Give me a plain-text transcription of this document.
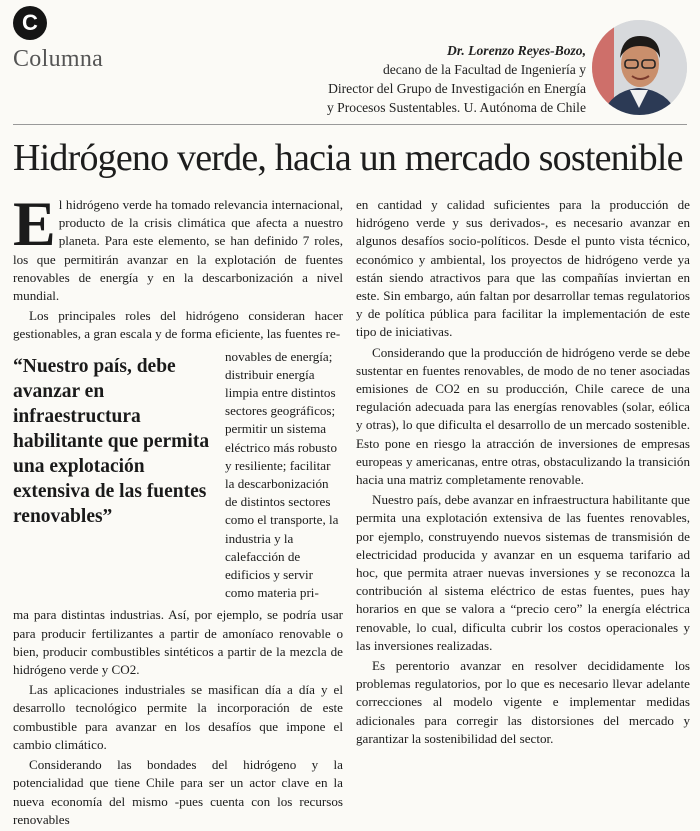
C
Columna	Dr. Lorenzo Reyes-Bozo,
decano de la Facultad de Ingeniería y
Director del Grupo de Investigación en Energía
y Procesos Sustentables. U. Autónoma de Chile
Hidrógeno verde, hacia un mercado sostenible

El hidrógeno verde ha tomado relevancia internacional, producto de la crisis climática que afecta a nuestro planeta. Para este elemento, se han definido 7 roles, los que permitirán avanzar en la explotación de fuentes renovables de energía y en la descarbonización a nivel mundial.

Los principales roles del hidrógeno consideran hacer gestionables, a gran escala y de forma eficiente, las fuentes re-

“Nuestro país, debe avanzar en infraestructura habilitante que permita una explotación extensiva de las fuentes renovables”
novables de energía; distribuir energía limpia entre distintos sectores geográficos; permitir un sistema eléctrico más robusto y resiliente; facilitar la descarbonización de distintos sectores como el transporte, la industria y la calefacción de edificios y servir como materia pri-

ma para distintas industrias. Así, por ejemplo, se podría usar para producir fertilizantes a partir de amoníaco renovable o bien, producir combustibles sintéticos a partir de la mezcla de hidrógeno verde y CO2.

Las aplicaciones industriales se masifican día a día y el desarrollo tecnológico permite la incorporación de este combustible para avanzar en los desafíos que impone el cambio climático.

Considerando las bondades del hidrógeno y la potencialidad que tiene Chile para ser un actor clave en la nueva economía del mismo -pues cuenta con los recursos renovables

en cantidad y calidad suficientes para la producción de hidrógeno verde y sus derivados-, es necesario avanzar en algunos desafíos socio-políticos. Desde el punto vista técnico, económico y ambiental, los proyectos de hidrógeno verde ya están siendo atractivos para que las compañías inviertan en este. Sin embargo, aún faltan por desarrollar temas regulatorios y de política pública para facilitar la implementación de este tipo de iniciativas.

Considerando que la producción de hidrógeno verde se debe sustentar en fuentes renovables, de modo de no tener asociadas emisiones de CO2 en su producción, Chile carece de una regulación adecuada para las energías renovables (solar, eólica y otras), lo que dificulta el desarrollo de un mercado sostenible. Esto pone en riesgo la atracción de inversiones de empresas europeas y americanas, entre otras, obstaculizando la transición hacia una matriz completamente renovable.

Nuestro país, debe avanzar en infraestructura habilitante que permita una explotación extensiva de las fuentes renovables, por ejemplo, construyendo nuevos sistemas de transmisión de electricidad producida y avanzar en un esquema tarifario ad hoc, que permita atraer nuevas inversiones y se reconozca la contribución al sistema eléctrico de estas fuentes, pues hay horarios en que se valora a “precio cero” la energía eléctrica renovable, lo cual, dificulta cubrir los costos operacionales y las inversiones realizadas.

Es perentorio avanzar en resolver decididamente los problemas regulatorios, por lo que es necesario llevar adelante correcciones al modelo vigente e implementar medidas adicionales para corregir las distorsiones del mercado y garantizar la sostenibilidad del sector.
